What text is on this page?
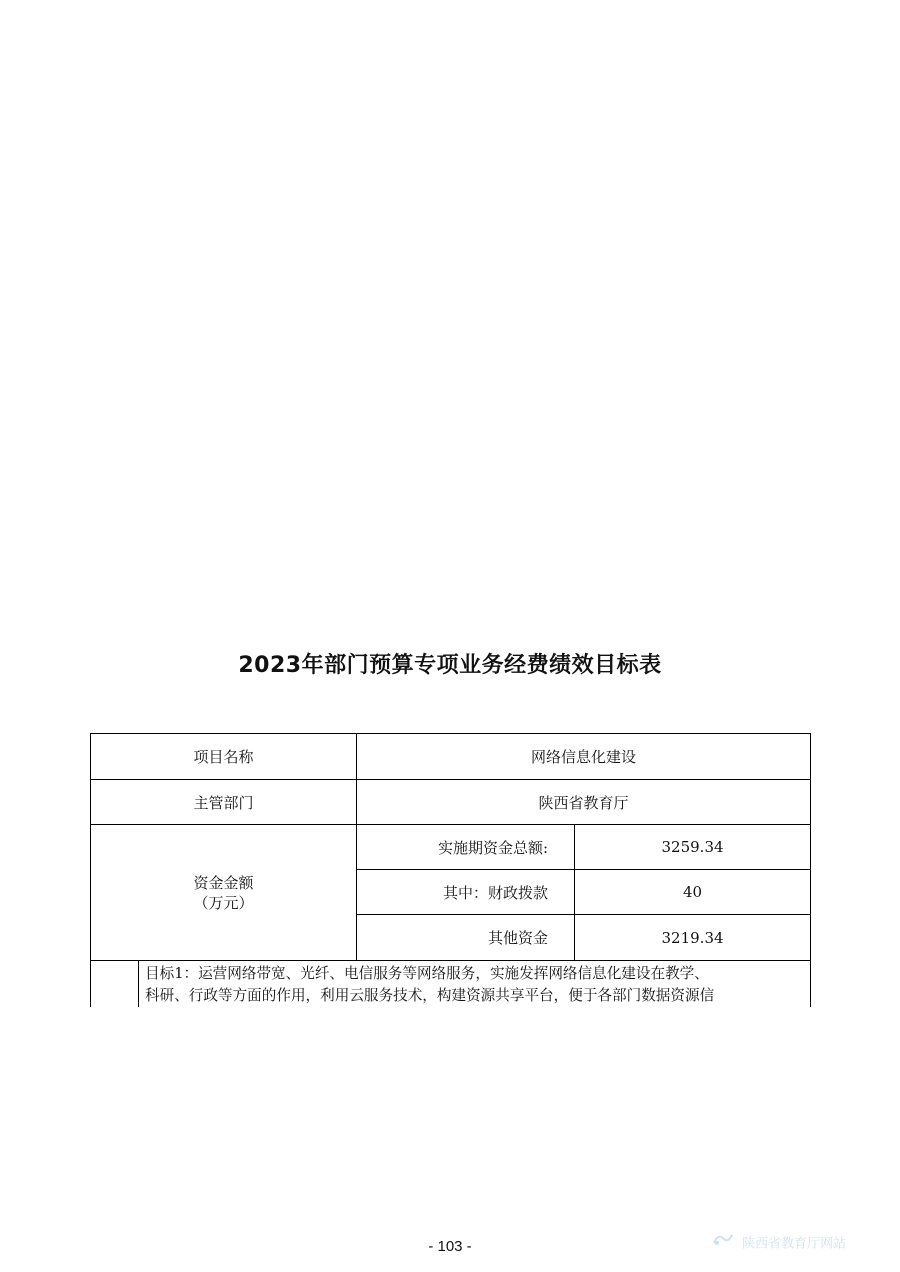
2023年部门预算专项业务经费绩效目标表
项目名称		网络信息化建设	
主管部门		陕西省教育厅	

资金金额
（万元）		实施期资金总额:	3259.34
		其中：财政拨款	40
		其他资金	3219.34

	目标1：运营网络带宽、光纤、电信服务等网络服务，实施发挥网络信息化建设在教学、
科研、行政等方面的作用，利用云服务技术，构建资源共享平台，便于各部门数据资源信		
- 103 -	陕西省教育厅网站
